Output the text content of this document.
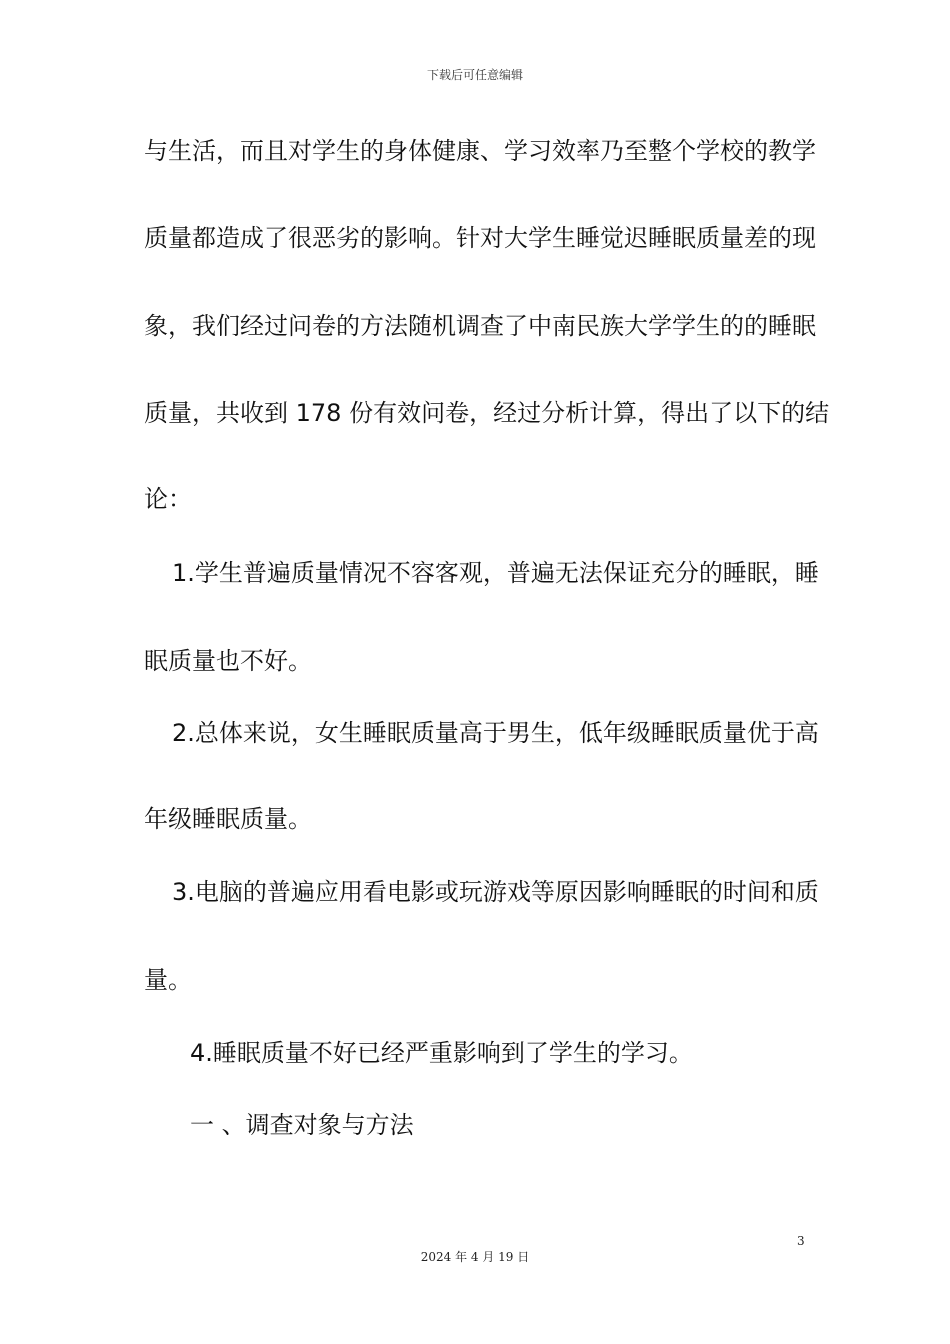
下载后可任意编辑
与生活，而且对学生的身体健康、学习效率乃至整个学校的教学
质量都造成了很恶劣的影响。针对大学生睡觉迟睡眠质量差的现
象，我们经过问卷的方法随机调查了中南民族大学学生的的睡眠
质量，共收到 178 份有效问卷，经过分析计算，得出了以下的结
论：
1.学生普遍质量情况不容客观，普遍无法保证充分的睡眠，睡
眠质量也不好。
2.总体来说，女生睡眠质量高于男生，低年级睡眠质量优于高
年级睡眠质量。
3.电脑的普遍应用看电影或玩游戏等原因影响睡眠的时间和质
量。
4.睡眠质量不好已经严重影响到了学生的学习。
一 、调查对象与方法
3
2024 年 4 月 19 日
